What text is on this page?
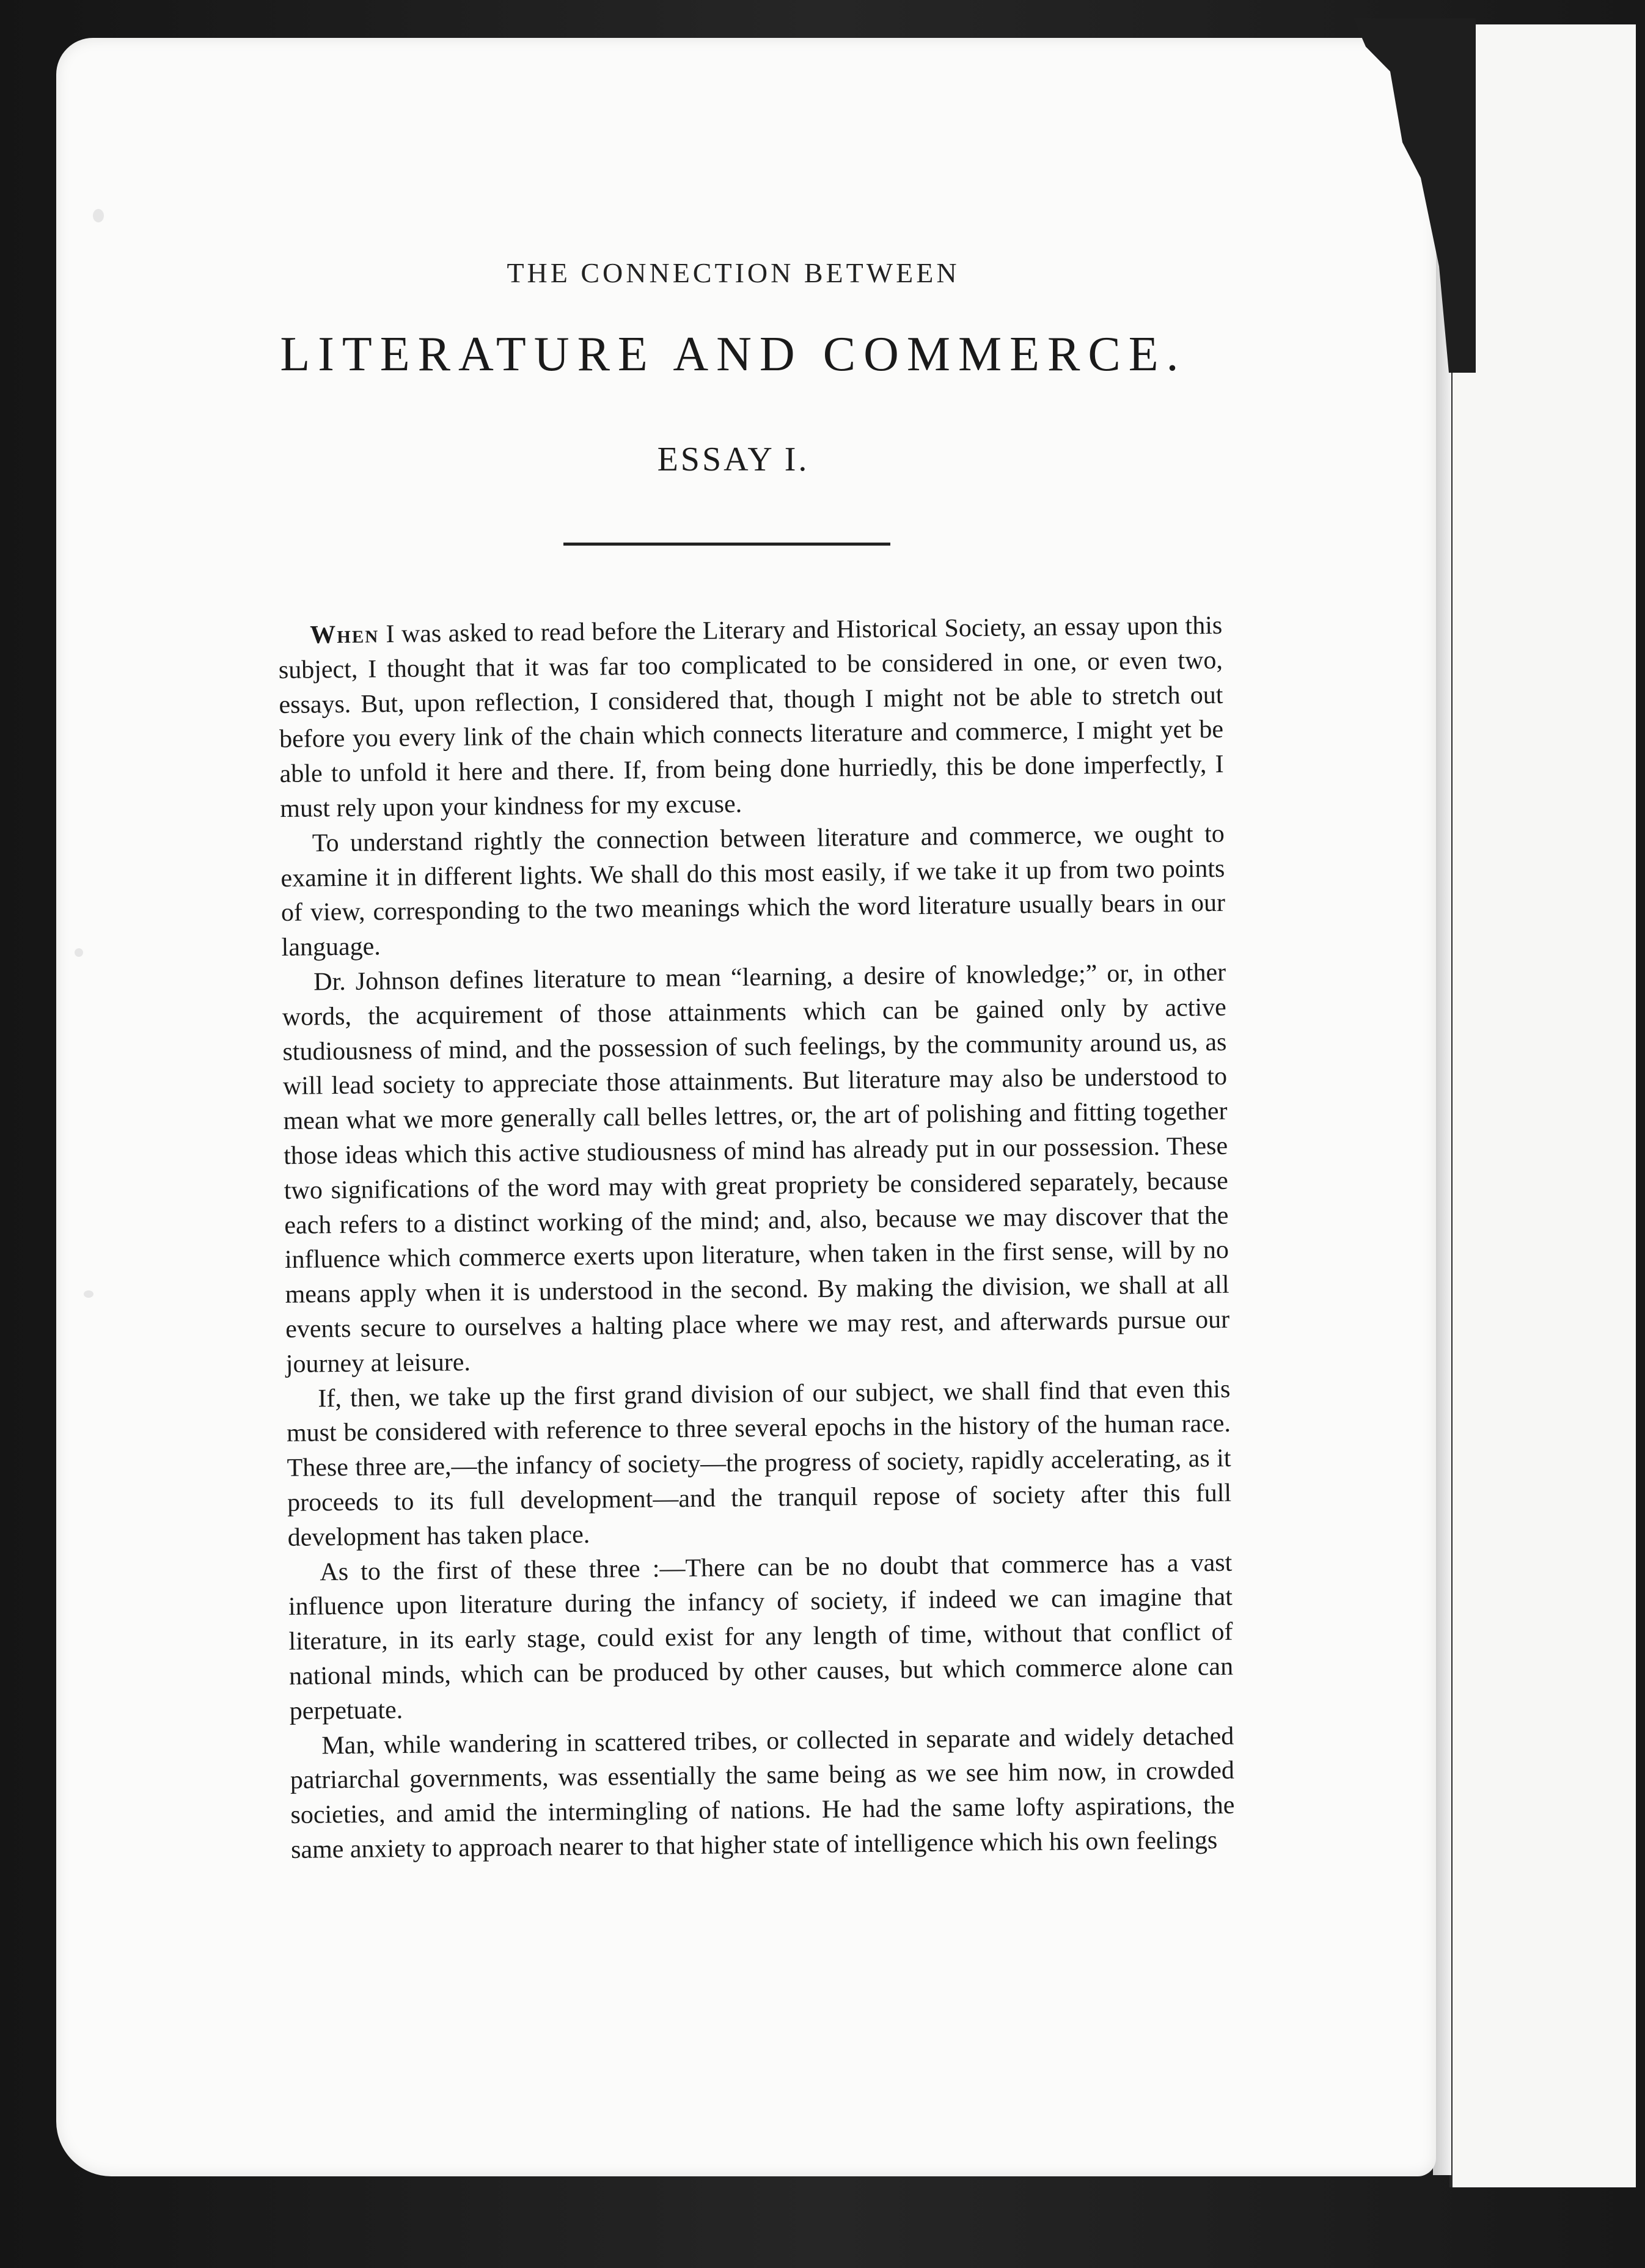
THE CONNECTION BETWEEN
LITERATURE AND COMMERCE.
ESSAY I.

When I was asked to read before the Literary and Historical Society, an essay upon this subject, I thought that it was far too complicated to be considered in one, or even two, essays. But, upon reflection, I considered that, though I might not be able to stretch out before you every link of the chain which connects literature and commerce, I might yet be able to unfold it here and there. If, from being done hurriedly, this be done imperfectly, I must rely upon your kindness for my excuse.

To understand rightly the connection between literature and commerce, we ought to examine it in different lights. We shall do this most easily, if we take it up from two points of view, corresponding to the two meanings which the word literature usually bears in our language.

Dr. Johnson defines literature to mean “learning, a desire of knowledge;” or, in other words, the acquirement of those attainments which can be gained only by active studiousness of mind, and the possession of such feelings, by the community around us, as will lead society to appreciate those attainments. But literature may also be understood to mean what we more generally call belles lettres, or, the art of polishing and fitting together those ideas which this active studiousness of mind has already put in our possession. These two significations of the word may with great propriety be considered separately, because each refers to a distinct working of the mind; and, also, because we may discover that the influence which commerce exerts upon literature, when taken in the first sense, will by no means apply when it is understood in the second. By making the division, we shall at all events secure to ourselves a halting place where we may rest, and afterwards pursue our journey at leisure.

If, then, we take up the first grand division of our subject, we shall find that even this must be considered with reference to three several epochs in the history of the human race. These three are,—the infancy of society—the progress of society, rapidly accelerating, as it proceeds to its full development—and the tranquil repose of society after this full development has taken place.

As to the first of these three :—There can be no doubt that commerce has a vast influence upon literature during the infancy of society, if indeed we can imagine that literature, in its early stage, could exist for any length of time, without that conflict of national minds, which can be produced by other causes, but which commerce alone can perpetuate.

Man, while wandering in scattered tribes, or collected in separate and widely detached patriarchal governments, was essentially the same being as we see him now, in crowded societies, and amid the intermingling of nations. He had the same lofty aspirations, the same anxiety to approach nearer to that higher state of intelligence which his own feelings
